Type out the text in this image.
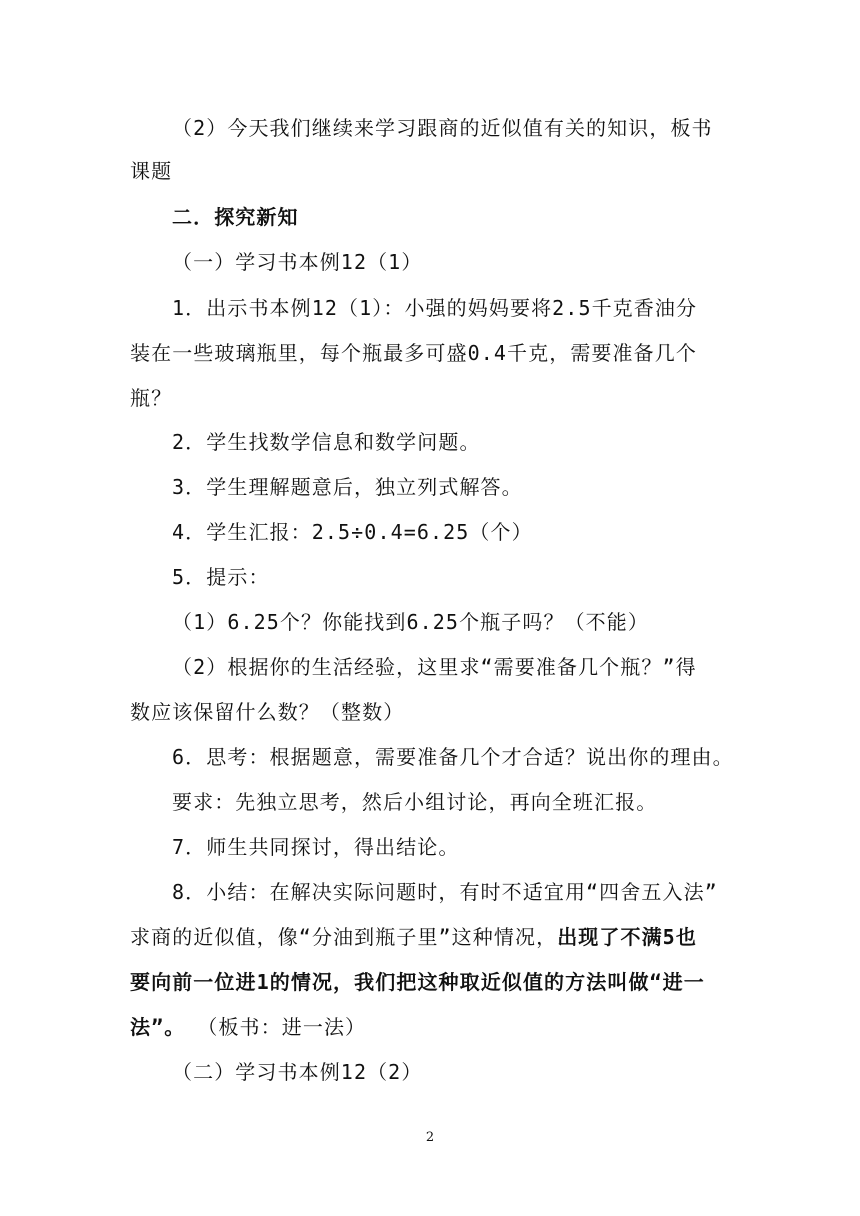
（2）今天我们继续来学习跟商的近似值有关的知识，板书
课题
二．探究新知
（一）学习书本例12（1）
1．出示书本例12（1）：小强的妈妈要将2.5千克香油分
装在一些玻璃瓶里，每个瓶最多可盛0.4千克，需要准备几个
瓶？
2．学生找数学信息和数学问题。
3．学生理解题意后，独立列式解答。
4．学生汇报：2.5÷0.4=6.25（个）
5．提示：
（1）6.25个？你能找到6.25个瓶子吗？（不能）
（2）根据你的生活经验，这里求“需要准备几个瓶？”得
数应该保留什么数？（整数）
6．思考：根据题意，需要准备几个才合适？说出你的理由。
要求：先独立思考，然后小组讨论，再向全班汇报。
7．师生共同探讨，得出结论。
8．小结：在解决实际问题时，有时不适宜用“四舍五入法”
求商的近似值，像“分油到瓶子里”这种情况，出现了不满5也
要向前一位进1的情况，我们把这种取近似值的方法叫做“进一
法”。 （板书：进一法）
（二）学习书本例12（2）
2
